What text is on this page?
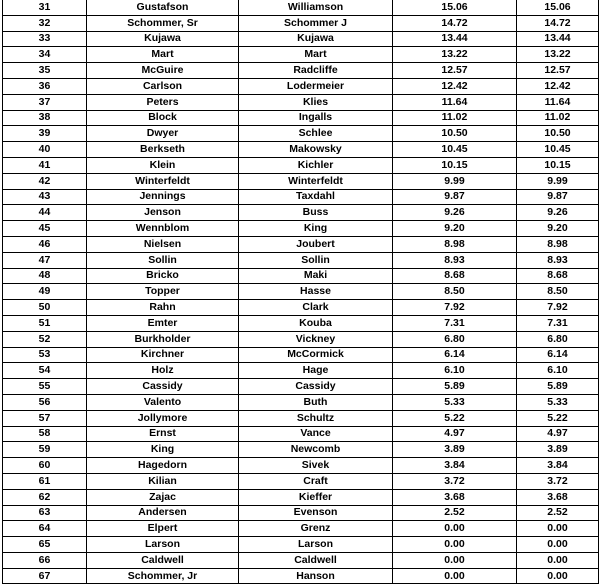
31	Gustafson	Williamson	15.06	15.06
32	Schommer, Sr	Schommer J	14.72	14.72
33	Kujawa	Kujawa	13.44	13.44
34	Mart	Mart	13.22	13.22
35	McGuire	Radcliffe	12.57	12.57
36	Carlson	Lodermeier	12.42	12.42
37	Peters	Klies	11.64	11.64
38	Block	Ingalls	11.02	11.02
39	Dwyer	Schlee	10.50	10.50
40	Berkseth	Makowsky	10.45	10.45
41	Klein	Kichler	10.15	10.15
42	Winterfeldt	Winterfeldt	9.99	9.99
43	Jennings	Taxdahl	9.87	9.87
44	Jenson	Buss	9.26	9.26
45	Wennblom	King	9.20	9.20
46	Nielsen	Joubert	8.98	8.98
47	Sollin	Sollin	8.93	8.93
48	Bricko	Maki	8.68	8.68
49	Topper	Hasse	8.50	8.50
50	Rahn	Clark	7.92	7.92
51	Emter	Kouba	7.31	7.31
52	Burkholder	Vickney	6.80	6.80
53	Kirchner	McCormick	6.14	6.14
54	Holz	Hage	6.10	6.10
55	Cassidy	Cassidy	5.89	5.89
56	Valento	Buth	5.33	5.33
57	Jollymore	Schultz	5.22	5.22
58	Ernst	Vance	4.97	4.97
59	King	Newcomb	3.89	3.89
60	Hagedorn	Sivek	3.84	3.84
61	Kilian	Craft	3.72	3.72
62	Zajac	Kieffer	3.68	3.68
63	Andersen	Evenson	2.52	2.52
64	Elpert	Grenz	0.00	0.00
65	Larson	Larson	0.00	0.00
66	Caldwell	Caldwell	0.00	0.00
67	Schommer, Jr	Hanson	0.00	0.00
